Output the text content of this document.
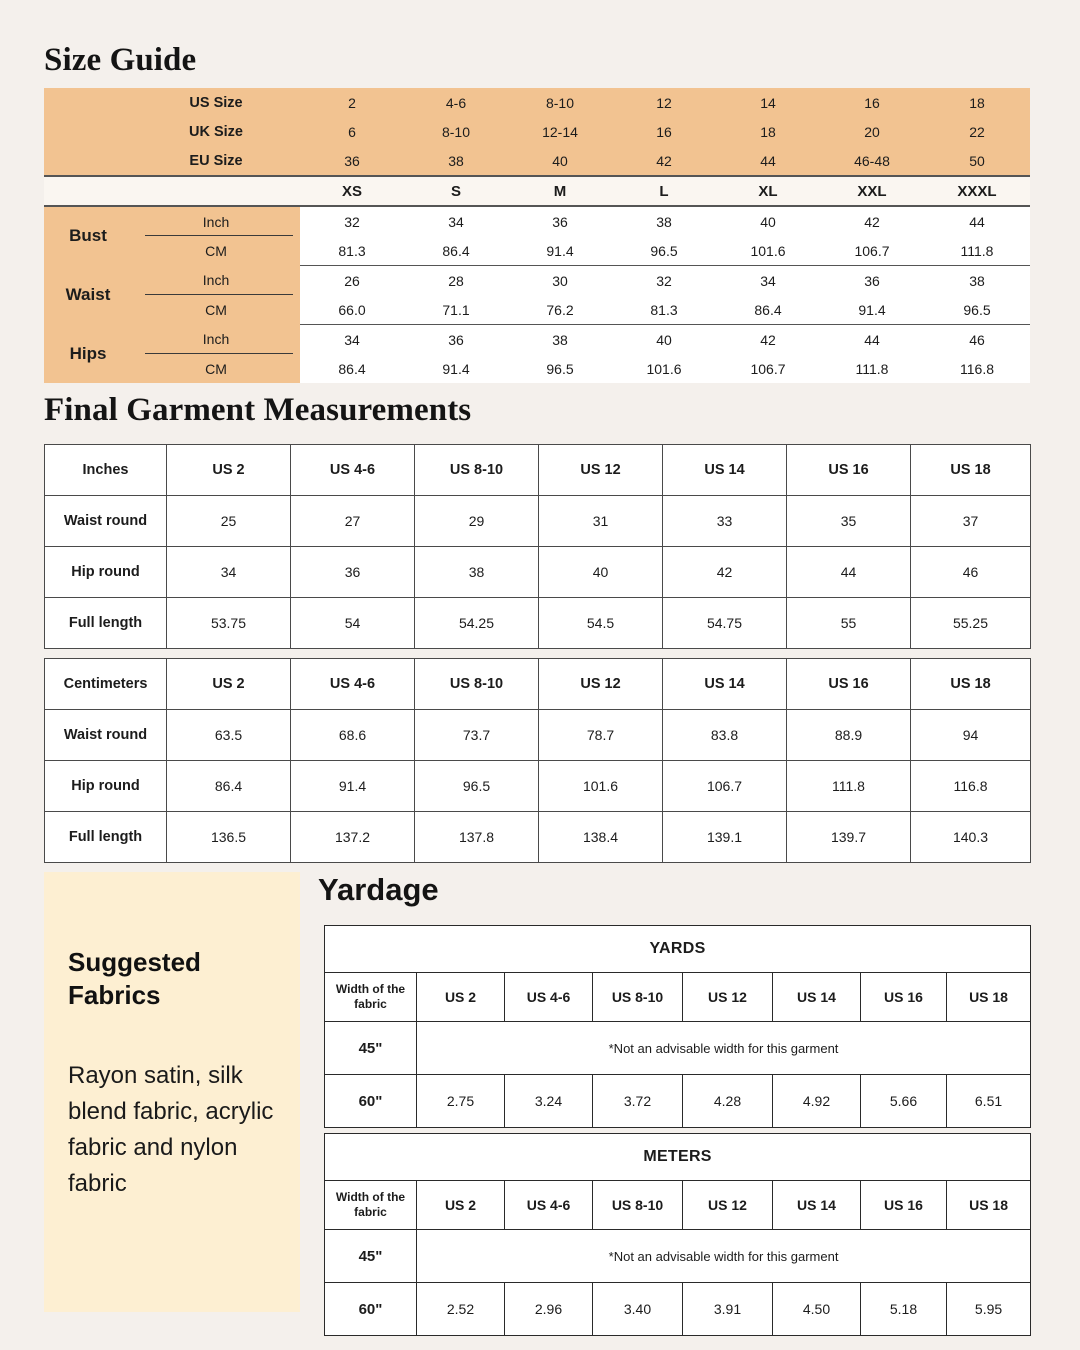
Size Guide
	US Size	2	4-6	8-10	12	14	16	18
	UK Size	6	8-10	12-14	16	18	20	22
	EU Size	36	38	40	42	44	46-48	50
		XS	S	M	L	XL	XXL	XXXL
Bust	Inch	32	34	36	38	40	42	44
	CM	81.3	86.4	91.4	96.5	101.6	106.7	111.8
Waist	Inch	26	28	30	32	34	36	38
	CM	66.0	71.1	76.2	81.3	86.4	91.4	96.5
Hips	Inch	34	36	38	40	42	44	46
	CM	86.4	91.4	96.5	101.6	106.7	111.8	116.8
Final Garment Measurements
Inches	US 2	US 4-6	US 8-10	US 12	US 14	US 16	US 18
Waist round	25	27	29	31	33	35	37
Hip round	34	36	38	40	42	44	46
Full length	53.75	54	54.25	54.5	54.75	55	55.25
Centimeters	US 2	US 4-6	US 8-10	US 12	US 14	US 16	US 18
Waist round	63.5	68.6	73.7	78.7	83.8	88.9	94
Hip round	86.4	91.4	96.5	101.6	106.7	111.8	116.8
Full length	136.5	137.2	137.8	138.4	139.1	139.7	140.3
Suggested Fabrics
Rayon satin, silk blend fabric, acrylic fabric and nylon fabric
Yardage
YARDS							
Width of the fabric	US 2	US 4-6	US 8-10	US 12	US 14	US 16	US 18
45"	*Not an advisable width for this garment						
60"	2.75	3.24	3.72	4.28	4.92	5.66	6.51
METERS							
Width of the fabric	US 2	US 4-6	US 8-10	US 12	US 14	US 16	US 18
45"	*Not an advisable width for this garment						
60"	2.52	2.96	3.40	3.91	4.50	5.18	5.95
